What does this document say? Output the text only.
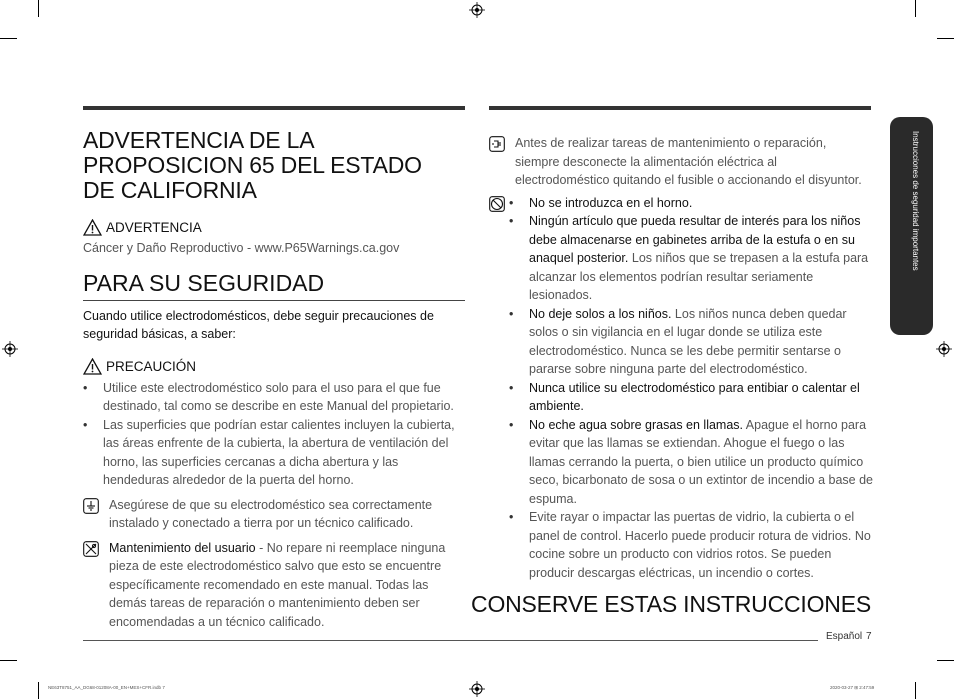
Instrucciones de seguridad importantes
ADVERTENCIA DE LA PROPOSICION 65 DEL ESTADO DE CALIFORNIA
ADVERTENCIA
Cáncer y Daño Reproductivo - www.P65Warnings.ca.gov
PARA SU SEGURIDAD
Cuando utilice electrodomésticos, debe seguir precauciones de seguridad básicas, a saber:
PRECAUCIÓN
• Utilice este electrodoméstico solo para el uso para el que fue destinado, tal como se describe en este Manual del propietario.
• Las superficies que podrían estar calientes incluyen la cubierta, las áreas enfrente de la cubierta, la abertura de ventilación del horno, las superficies cercanas a dicha abertura y las hendeduras alrededor de la puerta del horno.
Asegúrese de que su electrodoméstico sea correctamente instalado y conectado a tierra por un técnico calificado.
Mantenimiento del usuario - No repare ni reemplace ninguna pieza de este electrodoméstico salvo que esto se encuentre específicamente recomendado en este manual. Todas las demás tareas de reparación o mantenimiento deben ser encomendadas a un técnico calificado.
Antes de realizar tareas de mantenimiento o reparación, siempre desconecte la alimentación eléctrica al electrodoméstico quitando el fusible o accionando el disyuntor.
• No se introduzca en el horno.
• Ningún artículo que pueda resultar de interés para los niños debe almacenarse en gabinetes arriba de la estufa o en su anaquel posterior. Los niños que se trepasen a la estufa para alcanzar los elementos podrían resultar seriamente lesionados.
• No deje solos a los niños. Los niños nunca deben quedar solos o sin vigilancia en el lugar donde se utiliza este electrodoméstico. Nunca se les debe permitir sentarse o pararse sobre ninguna parte del electrodoméstico.
• Nunca utilice su electrodoméstico para entibiar o calentar el ambiente.
• No eche agua sobre grasas en llamas. Apague el horno para evitar que las llamas se extiendan. Ahogue el fuego o las llamas cerrando la puerta, o bien utilice un producto químico seco, bicarbonato de sosa o un extintor de incendio a base de espuma.
• Evite rayar o impactar las puertas de vidrio, la cubierta o el panel de control. Hacerlo puede producir rotura de vidrios. No cocine sobre un producto con vidrios rotos. Se pueden producir descargas eléctricas, un incendio o cortes.
CONSERVE ESTAS INSTRUCCIONES
Español 7
NE63T8751_AA_DG68-01208A-00_EN+MES+CFR.indb 7	2020-03-27 ⊞ 2:47:59
